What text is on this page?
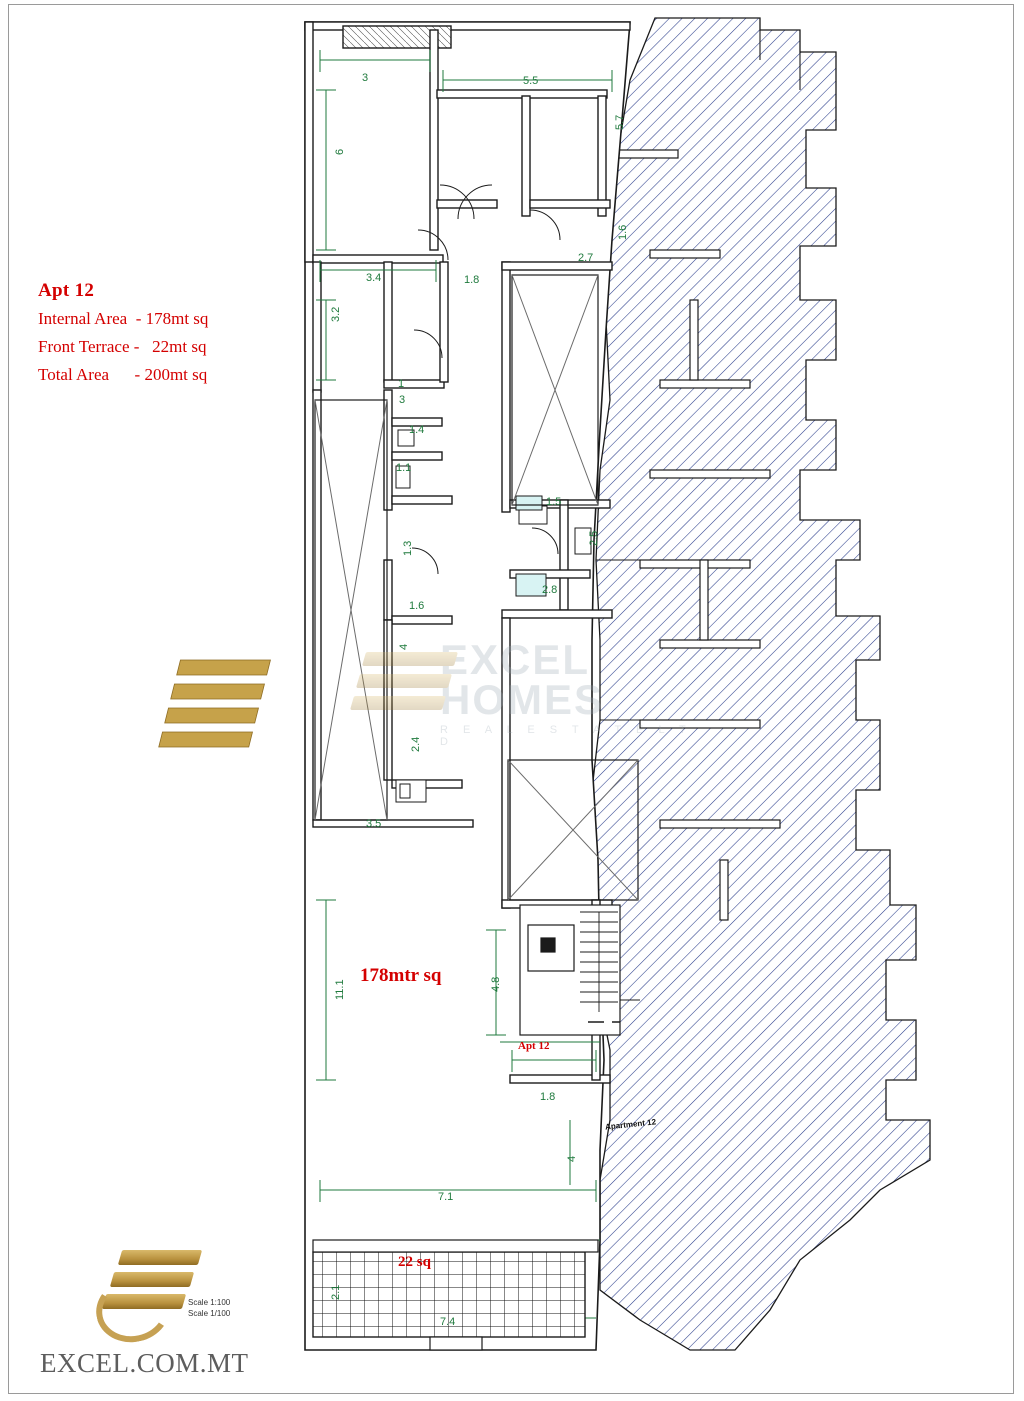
3	5.5
5.7
6
1.6
2.7
3.4	1.8
3.2
1
3
1.4
1.1
1.5
2.5
1.3
2.8
1.6
4
2.4
3.5
11.1	4.8
1.8
4
7.1
2.1
7.4
Apt 12
Internal Area  - 178mt sq
Front Terrace -   22mt sq
Total Area      - 200mt sq
178mtr sq
22 sq
Apt 12
Apartment 12
EXCEL
HOMES
R E A L E S T A T E L T D
Scale 1:100
Scale 1/100
EXCEL.COM.MT
